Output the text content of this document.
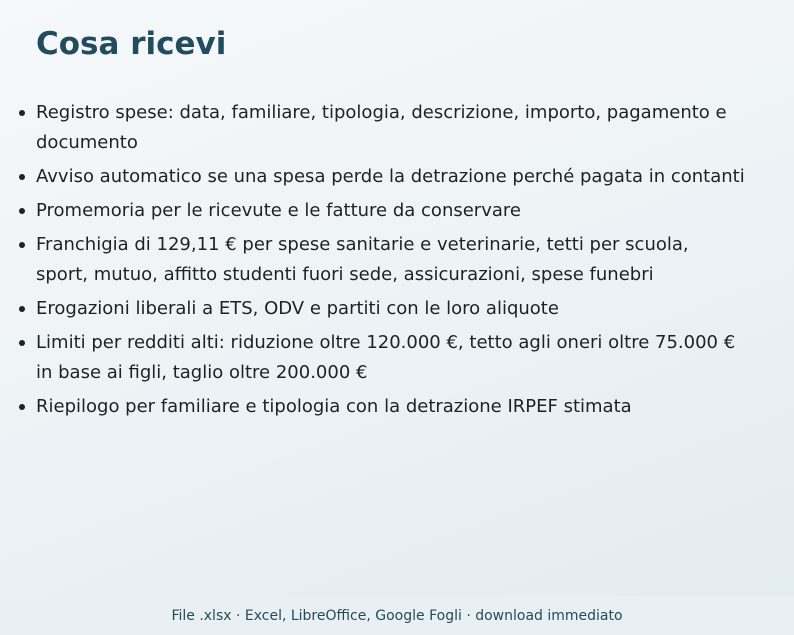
Cosa ricevi
Registro spese: data, familiare, tipologia, descrizione, importo, pagamento e documento
Avviso automatico se una spesa perde la detrazione perché pagata in contanti
Promemoria per le ricevute e le fatture da conservare
Franchigia di 129,11 € per spese sanitarie e veterinarie, tetti per scuola, sport, mutuo, affitto studenti fuori sede, assicurazioni, spese funebri
Erogazioni liberali a ETS, ODV e partiti con le loro aliquote
Limiti per redditi alti: riduzione oltre 120.000 €, tetto agli oneri oltre 75.000 € in base ai figli, taglio oltre 200.000 €
Riepilogo per familiare e tipologia con la detrazione IRPEF stimata
File .xlsx · Excel, LibreOffice, Google Fogli · download immediato
